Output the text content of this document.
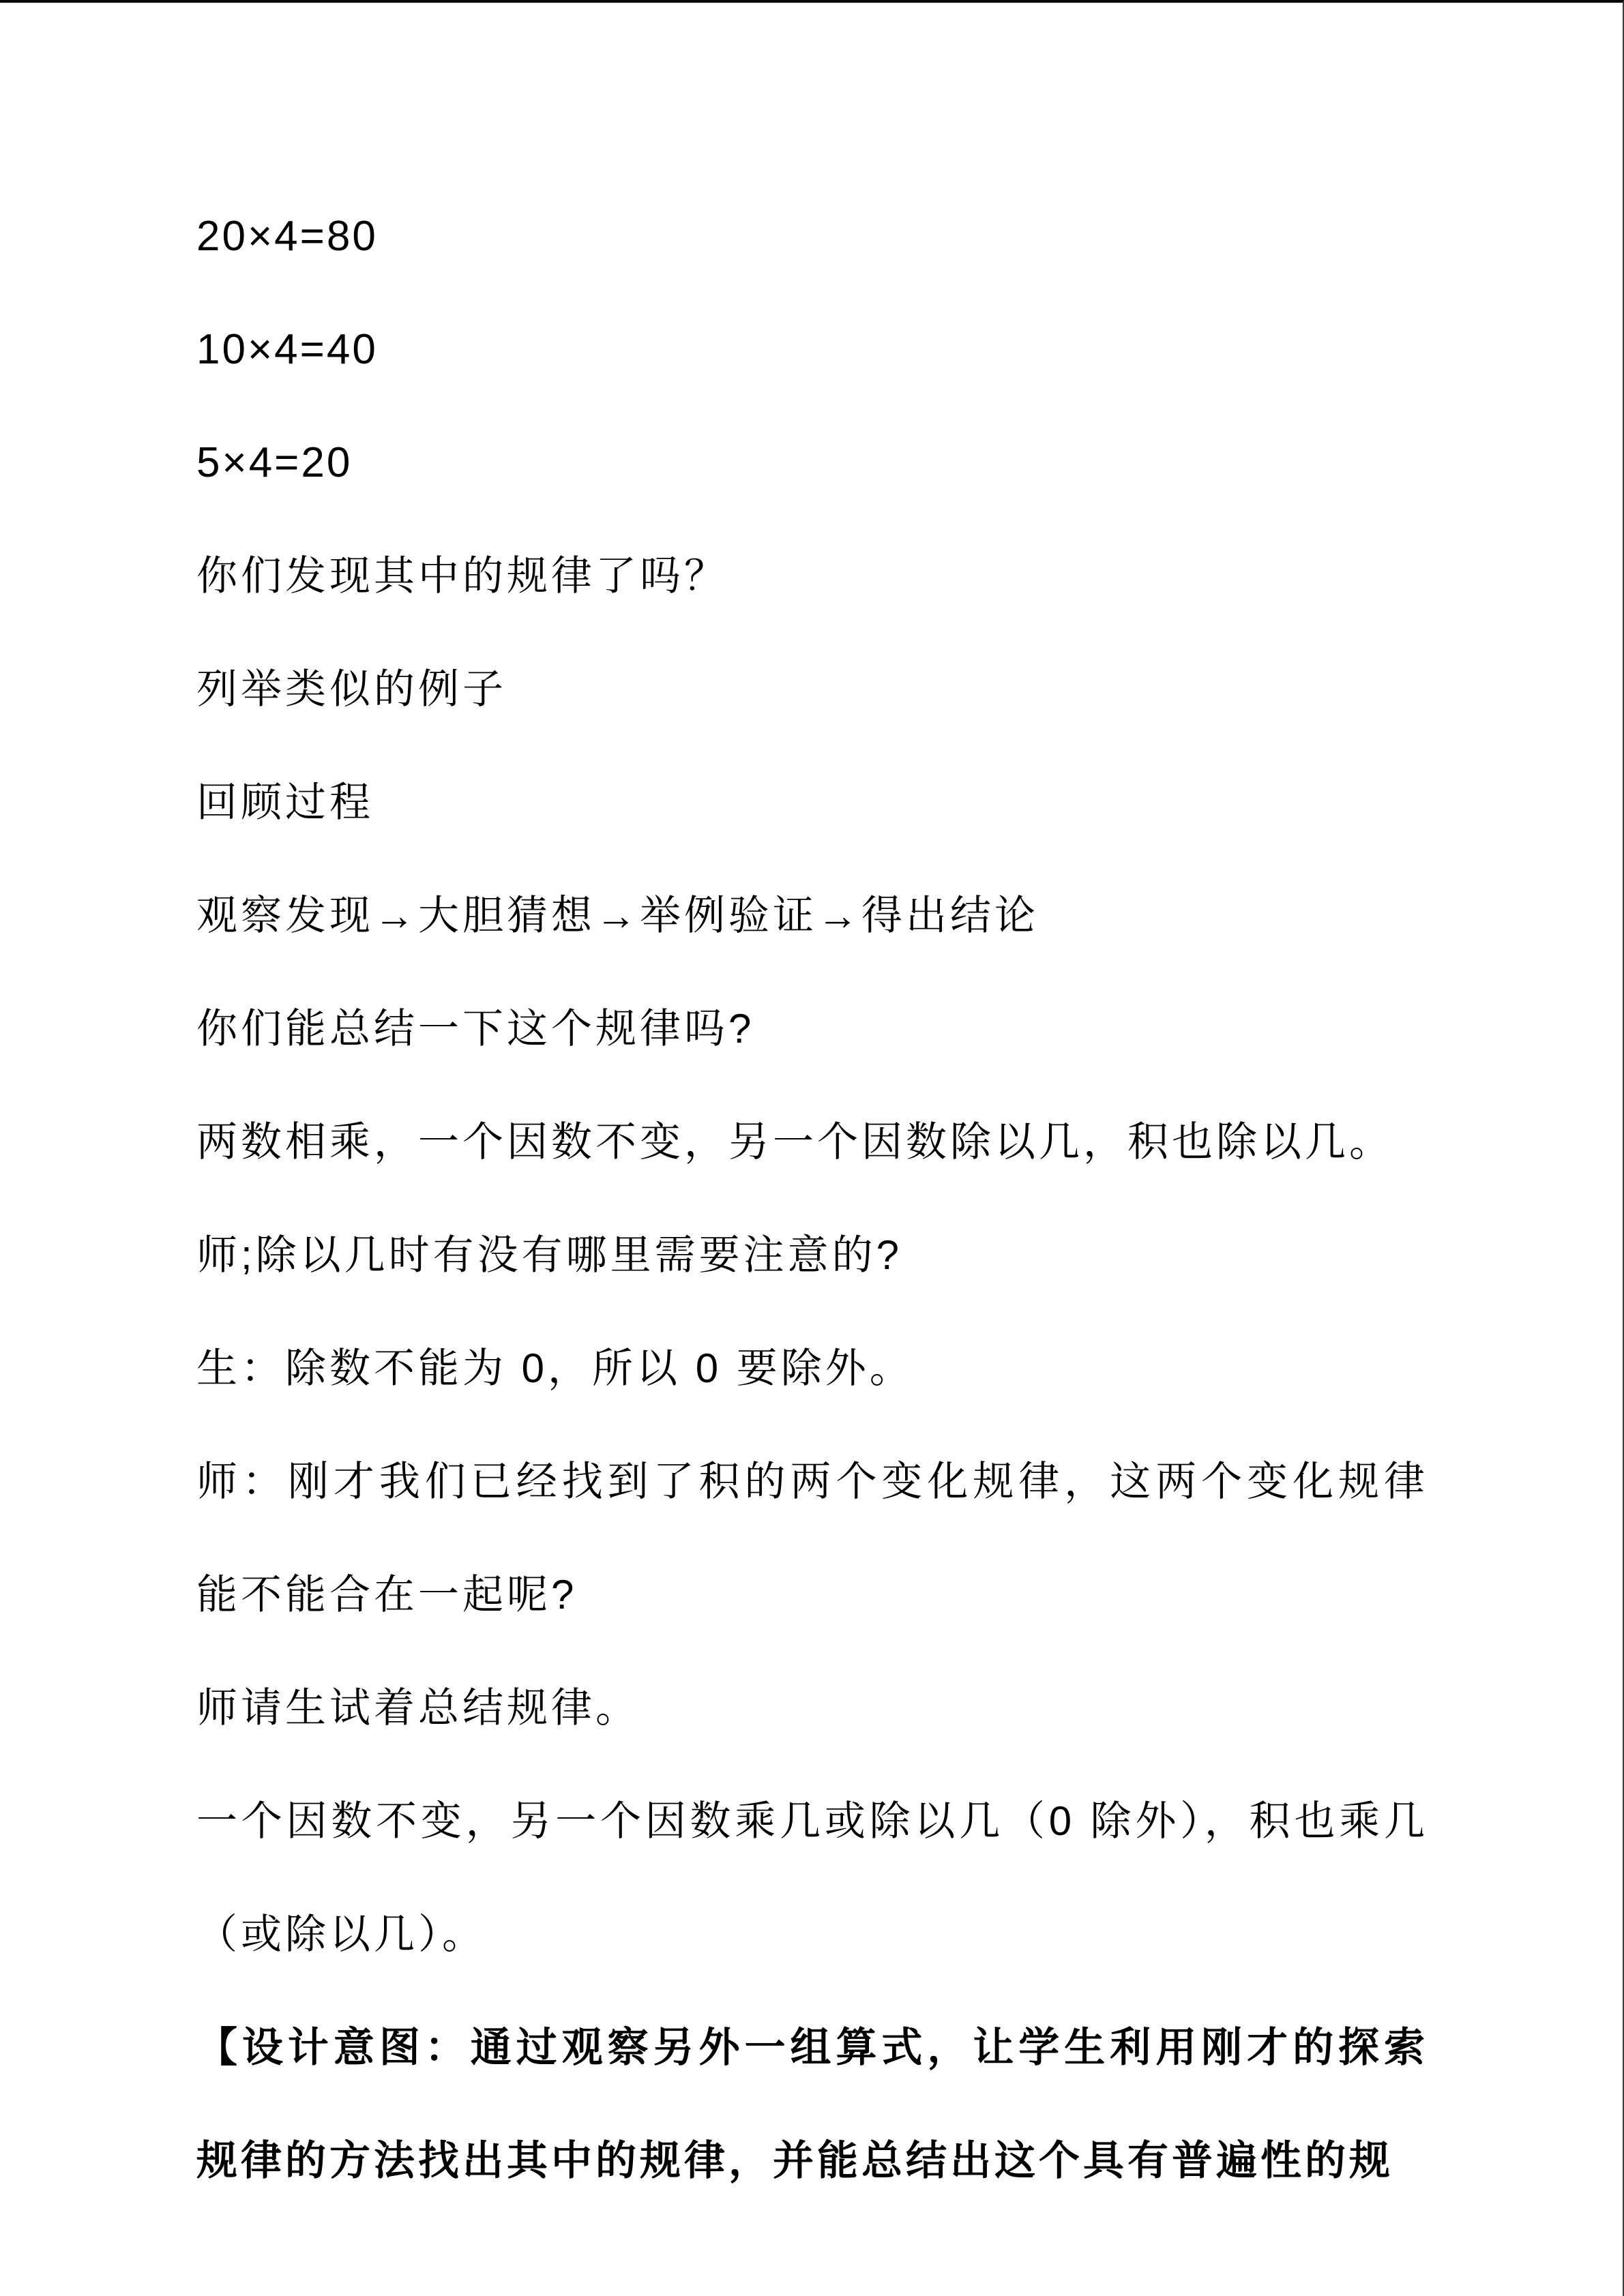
20×4=80

10×4=40

5×4=20

你们发现其中的规律了吗？

列举类似的例子

回顾过程

观察发现→大胆猜想→举例验证→得出结论

你们能总结一下这个规律吗?

两数相乘，一个因数不变，另一个因数除以几，积也除以几。

师;除以几时有没有哪里需要注意的?

生：除数不能为 0，所以 0 要除外。

师：刚才我们已经找到了积的两个变化规律，这两个变化规律能不能合在一起呢?

师请生试着总结规律。

一个因数不变，另一个因数乘几或除以几（0 除外），积也乘几（或除以几）。

【设计意图：通过观察另外一组算式，让学生利用刚才的探索规律的方法找出其中的规律，并能总结出这个具有普遍性的规
